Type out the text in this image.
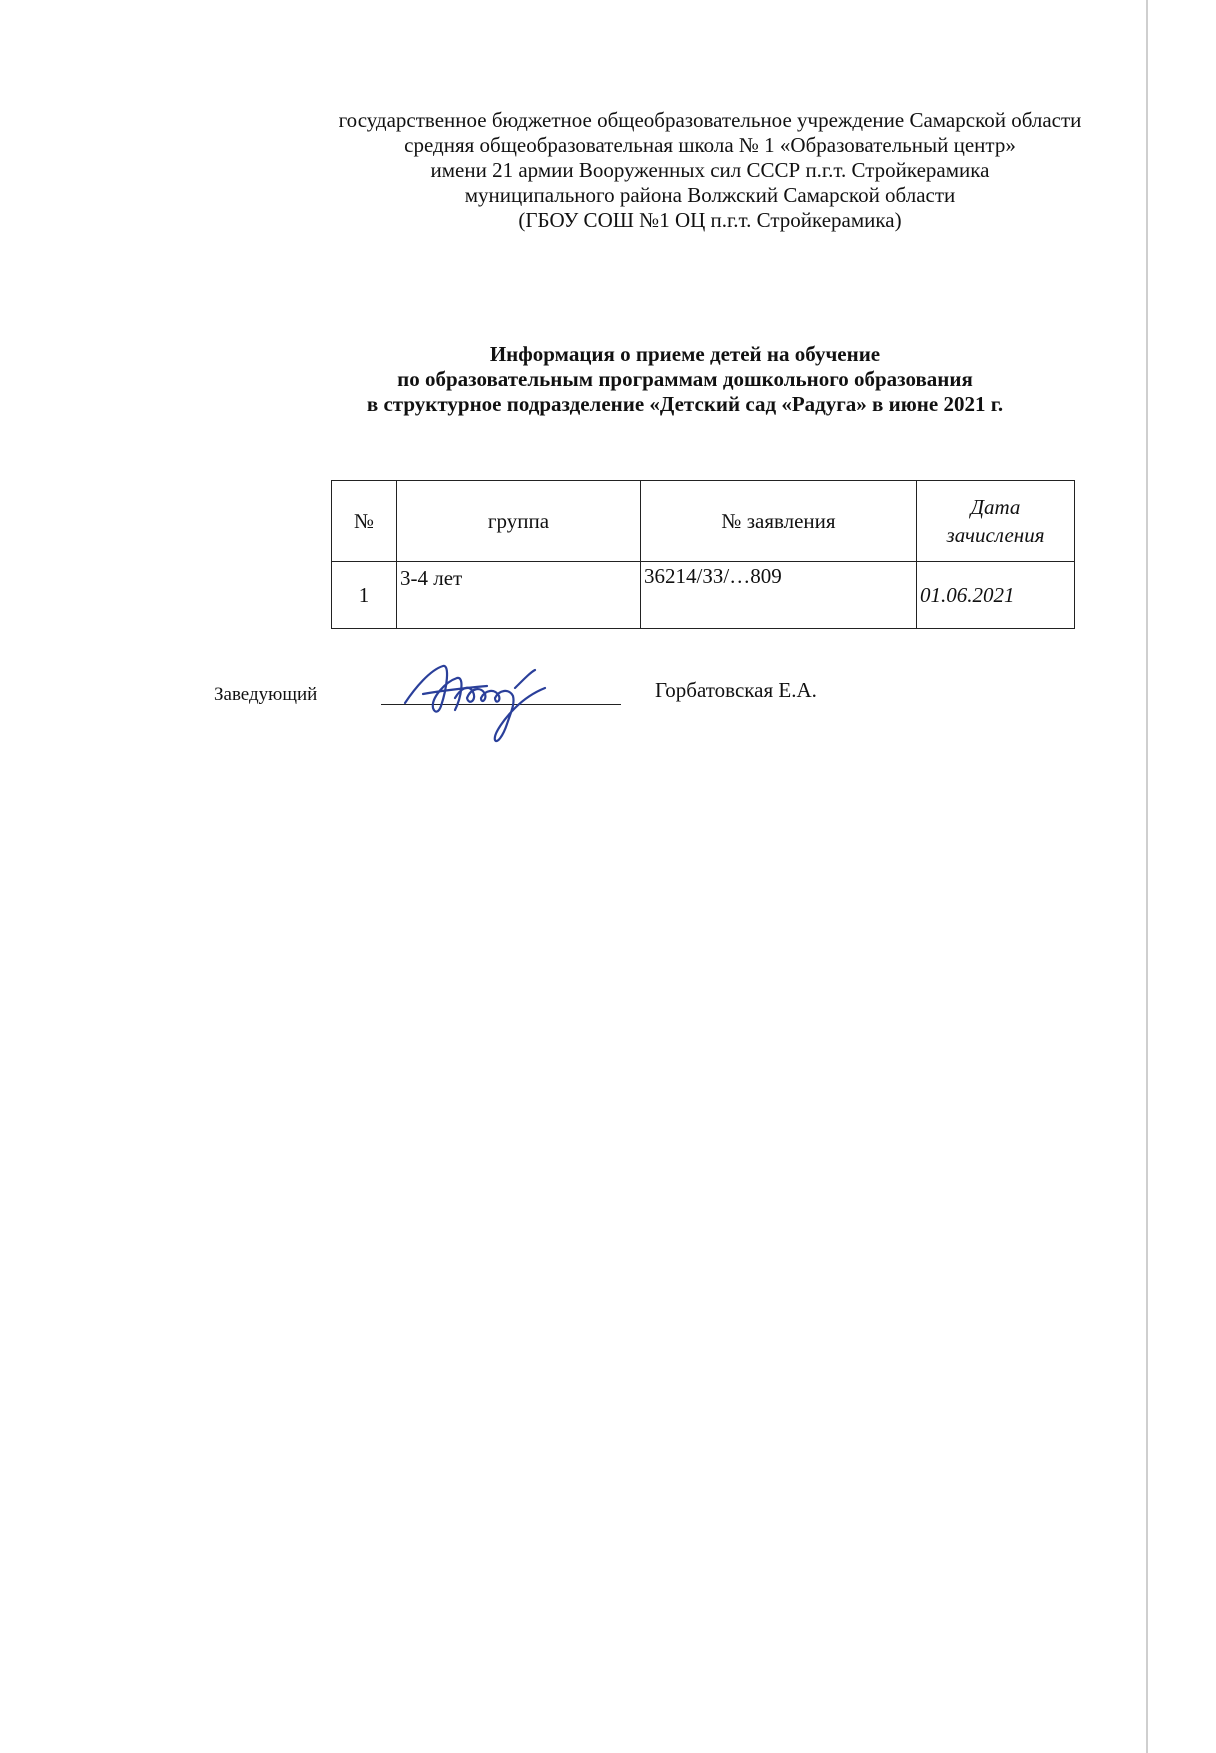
государственное бюджетное общеобразовательное учреждение Самарской области
средняя общеобразовательная школа № 1 «Образовательный центр»
имени 21 армии Вооруженных сил СССР п.г.т. Стройкерамика
муниципального района Волжский Самарской области
(ГБОУ СОШ №1 ОЦ п.г.т. Стройкерамика)
Информация о приеме детей на обучение
по образовательным программам дошкольного образования
в структурное подразделение «Детский сад «Радуга» в июне 2021 г.
№	группа	№ заявления	Дата
зачисления
1	3-4 лет	36214/ЗЗ/…809	01.06.2021
Заведующий	Горбатовская Е.А.
